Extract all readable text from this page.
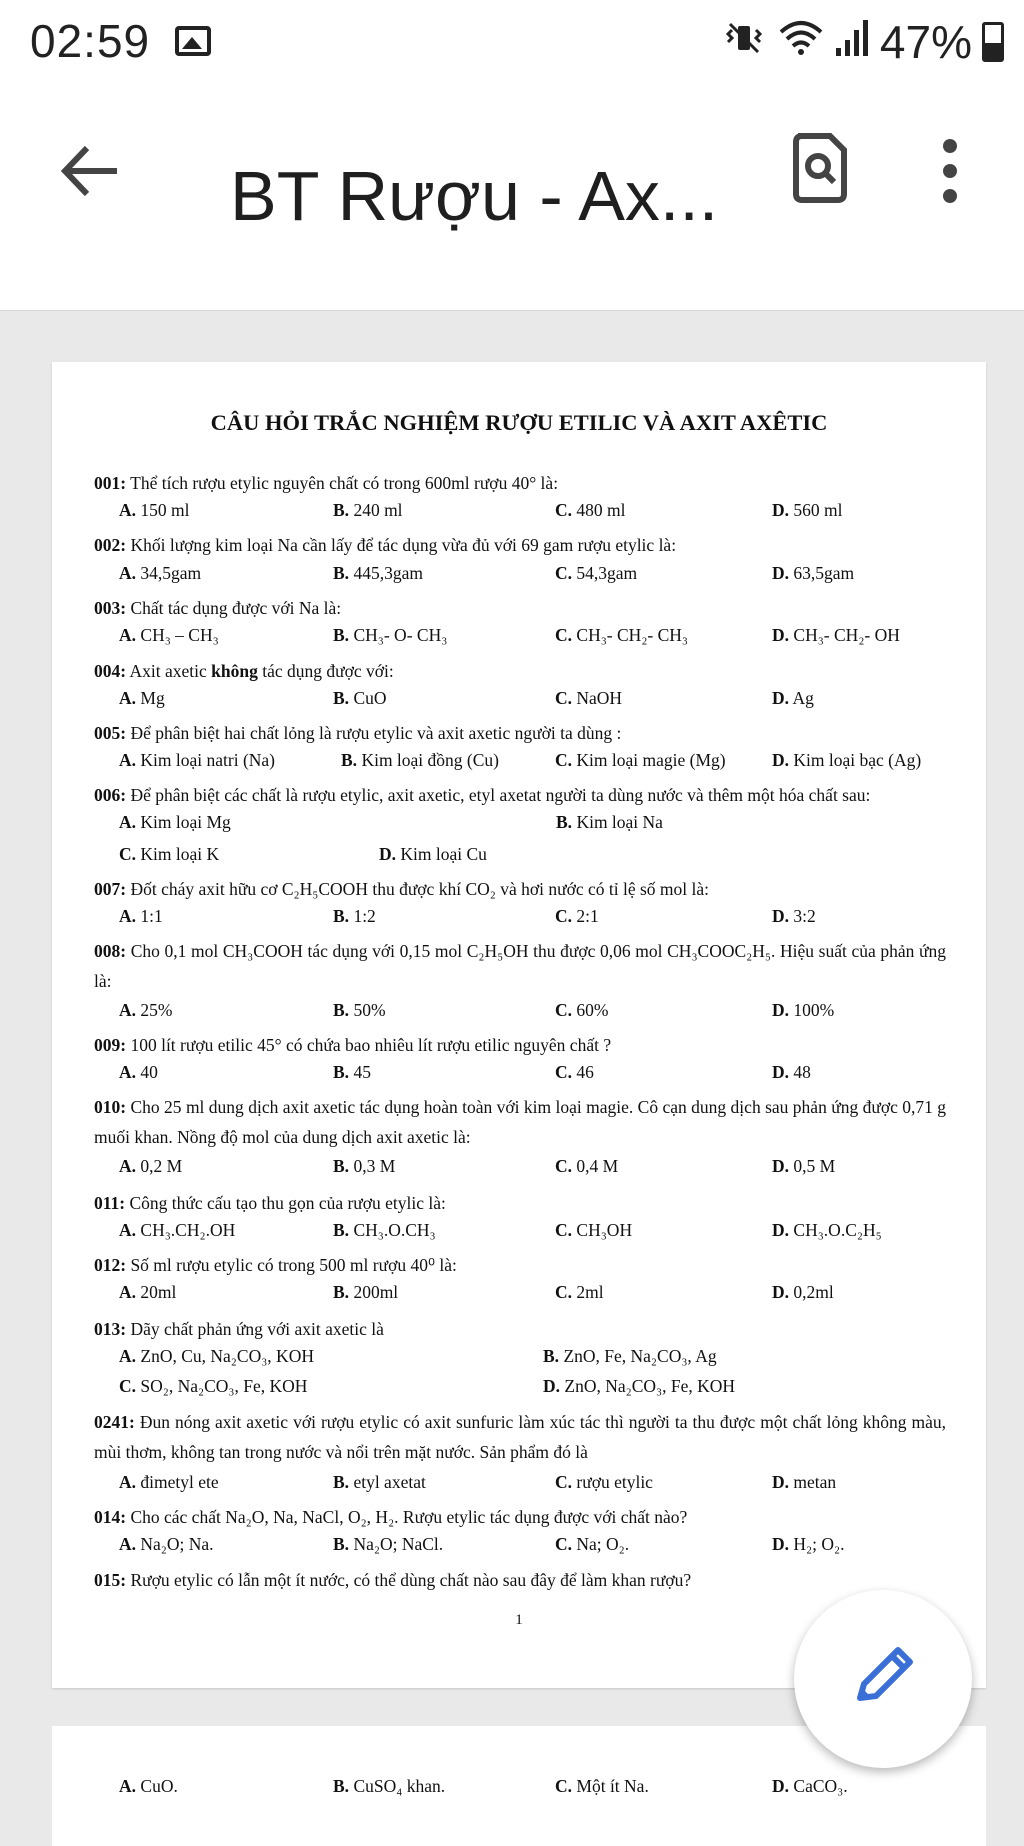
02:59	47%
BT Rượu - Ax...
CÂU HỎI TRẮC NGHIỆM RƯỢU ETILIC VÀ AXIT AXÊTIC
001: Thể tích rượu etylic nguyên chất có trong 600ml rượu 40° là:
A. 150 ml	B. 240 ml	C. 480 ml	D. 560 ml
002: Khối lượng kim loại Na cần lấy để tác dụng vừa đủ với 69 gam rượu etylic là:
A. 34,5gam	B. 445,3gam	C. 54,3gam	D. 63,5gam
003: Chất tác dụng được với Na là:
A. CH₃ – CH₃	B. CH₃- O- CH₃	C. CH₃- CH₂- CH₃	D. CH₃- CH₂- OH
004: Axit axetic không tác dụng được với:
A. Mg	B. CuO	C. NaOH	D. Ag
005: Để phân biệt hai chất lỏng là rượu etylic và axit axetic người ta dùng :
A. Kim loại natri (Na)	B. Kim loại đồng (Cu)	C. Kim loại magie (Mg)	D. Kim loại bạc (Ag)
006: Để phân biệt các chất là rượu etylic, axit axetic, etyl axetat người ta dùng nước và thêm một hóa chất sau:
A. Kim loại Mg	B. Kim loại Na
C. Kim loại K	D. Kim loại Cu
007: Đốt cháy axit hữu cơ C₂H₅COOH thu được khí CO₂ và hơi nước có tỉ lệ số mol là:
A. 1:1	B. 1:2	C. 2:1	D. 3:2
008: Cho 0,1 mol CH₃COOH tác dụng với 0,15 mol C₂H₅OH thu được 0,06 mol CH₃COOC₂H₅. Hiệu suất của phản ứng là:
A. 25%	B. 50%	C. 60%	D. 100%
009: 100 lít rượu etilic 45° có chứa bao nhiêu lít rượu etilic nguyên chất ?
A. 40	B. 45	C. 46	D. 48
010: Cho 25 ml dung dịch axit axetic tác dụng hoàn toàn với kim loại magie. Cô cạn dung dịch sau phản ứng được 0,71 g muối khan. Nồng độ mol của dung dịch axit axetic là:
A. 0,2 M	B. 0,3 M	C. 0,4 M	D. 0,5 M
011: Công thức cấu tạo thu gọn của rượu etylic là:
A. CH₃.CH₂.OH	B. CH₃.O.CH₃	C. CH₃OH	D. CH₃.O.C₂H₅
012: Số ml rượu etylic có trong 500 ml rượu 40⁰ là:
A. 20ml	B. 200ml	C. 2ml	D. 0,2ml
013: Dãy chất phản ứng với axit axetic là
A. ZnO, Cu, Na₂CO₃, KOH	B. ZnO, Fe, Na₂CO₃, Ag
C. SO₂, Na₂CO₃, Fe, KOH	D. ZnO, Na₂CO₃, Fe, KOH
0241: Đun nóng axit axetic với rượu etylic có axit sunfuric làm xúc tác thì người ta thu được một chất lỏng không màu, mùi thơm, không tan trong nước và nổi trên mặt nước. Sản phẩm đó là
A. đimetyl ete	B. etyl axetat	C. rượu etylic	D. metan
014: Cho các chất Na₂O, Na, NaCl, O₂, H₂. Rượu etylic tác dụng được với chất nào?
A. Na₂O; Na.	B. Na₂O; NaCl.	C. Na; O₂.	D. H₂; O₂.
015: Rượu etylic có lẫn một ít nước, có thể dùng chất nào sau đây để làm khan rượu?
1
A. CuO.	B. CuSO₄ khan.	C. Một ít Na.	D. CaCO₃.
